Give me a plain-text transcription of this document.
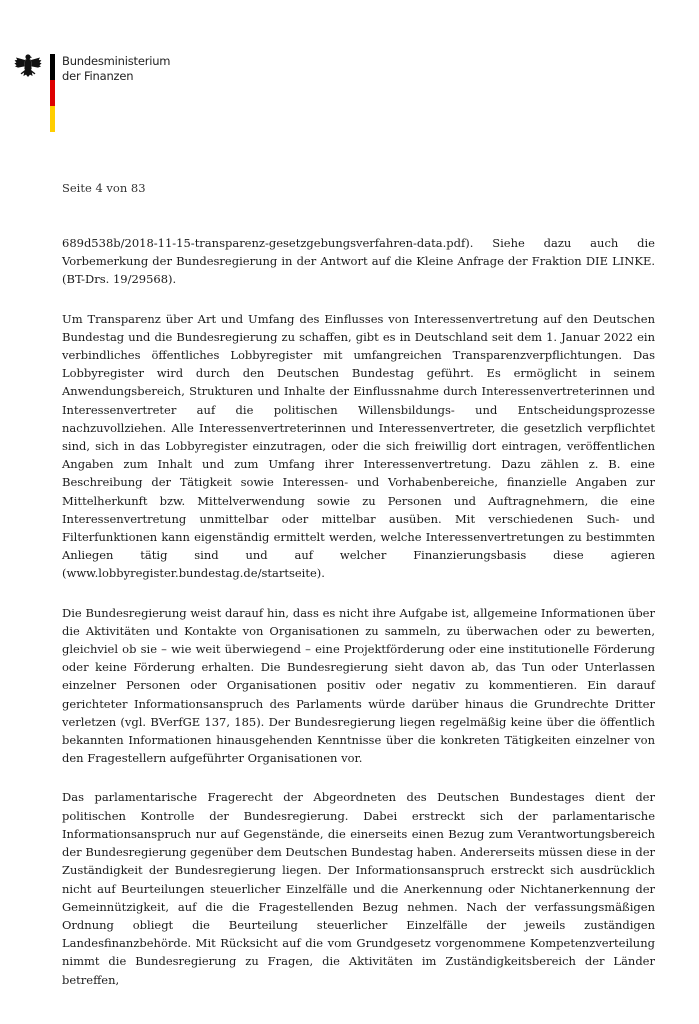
Bundesministerium
der Finanzen
Seite 4 von 83

689d538b/2018-11-15-transparenz-gesetzgebungsverfahren-data.pdf). Siehe dazu auch die Vorbemerkung der Bundesregierung in der Antwort auf die Kleine Anfrage der Fraktion DIE LINKE. (BT-Drs. 19/29568).

Um Transparenz über Art und Umfang des Einflusses von Interessenvertretung auf den Deutschen Bundestag und die Bundesregierung zu schaffen, gibt es in Deutschland seit dem 1. Januar 2022 ein verbindliches öffentliches Lobbyregister mit umfangreichen Transparenzverpflichtungen. Das Lobbyregister wird durch den Deutschen Bundestag geführt. Es ermöglicht in seinem Anwendungsbereich, Strukturen und Inhalte der Einflussnahme durch Interessenvertreterinnen und Interessenvertreter auf die politischen Willensbildungs- und Entscheidungsprozesse nachzuvollziehen. Alle Interessenvertreterinnen und Interessenvertreter, die gesetzlich verpflichtet sind, sich in das Lobbyregister einzutragen, oder die sich freiwillig dort eintragen, veröffentlichen Angaben zum Inhalt und zum Umfang ihrer Interessenvertretung. Dazu zählen z. B. eine Beschreibung der Tätigkeit sowie Interessen- und Vorhabenbereiche, finanzielle Angaben zur Mittelherkunft bzw. Mittelverwendung sowie zu Personen und Auftragnehmern, die eine Interessenvertretung unmittelbar oder mittelbar ausüben. Mit verschiedenen Such- und Filterfunktionen kann eigenständig ermittelt werden, welche Interessenvertretungen zu bestimmten Anliegen tätig sind und auf welcher Finanzierungsbasis diese agieren (www.lobbyregister.bundestag.de/startseite).

Die Bundesregierung weist darauf hin, dass es nicht ihre Aufgabe ist, allgemeine Informationen über die Aktivitäten und Kontakte von Organisationen zu sammeln, zu überwachen oder zu bewerten, gleichviel ob sie – wie weit überwiegend – eine Projektförderung oder eine institutionelle Förderung oder keine Förderung erhalten. Die Bundesregierung sieht davon ab, das Tun oder Unterlassen einzelner Personen oder Organisationen positiv oder negativ zu kommentieren. Ein darauf gerichteter Informationsanspruch des Parlaments würde darüber hinaus die Grundrechte Dritter verletzen (vgl. BVerfGE 137, 185). Der Bundesregierung liegen regelmäßig keine über die öffentlich bekannten Informationen hinausgehenden Kenntnisse über die konkreten Tätigkeiten einzelner von den Fragestellern aufgeführter Organisationen vor.

Das parlamentarische Fragerecht der Abgeordneten des Deutschen Bundestages dient der politischen Kontrolle der Bundesregierung. Dabei erstreckt sich der parlamentarische Informationsanspruch nur auf Gegenstände, die einerseits einen Bezug zum Verantwortungsbereich der Bundesregierung gegenüber dem Deutschen Bundestag haben. Andererseits müssen diese in der Zuständigkeit der Bundesregierung liegen. Der Informationsanspruch erstreckt sich ausdrücklich nicht auf Beurteilungen steuerlicher Einzelfälle und die Anerkennung oder Nichtanerkennung der Gemeinnützigkeit, auf die die Fragestellenden Bezug nehmen. Nach der verfassungsmäßigen Ordnung obliegt die Beurteilung steuerlicher Einzelfälle der jeweils zuständigen Landesfinanzbehörde. Mit Rücksicht auf die vom Grundgesetz vorgenommene Kompetenzverteilung nimmt die Bundesregierung zu Fragen, die Aktivitäten im Zuständigkeitsbereich der Länder betreffen,
